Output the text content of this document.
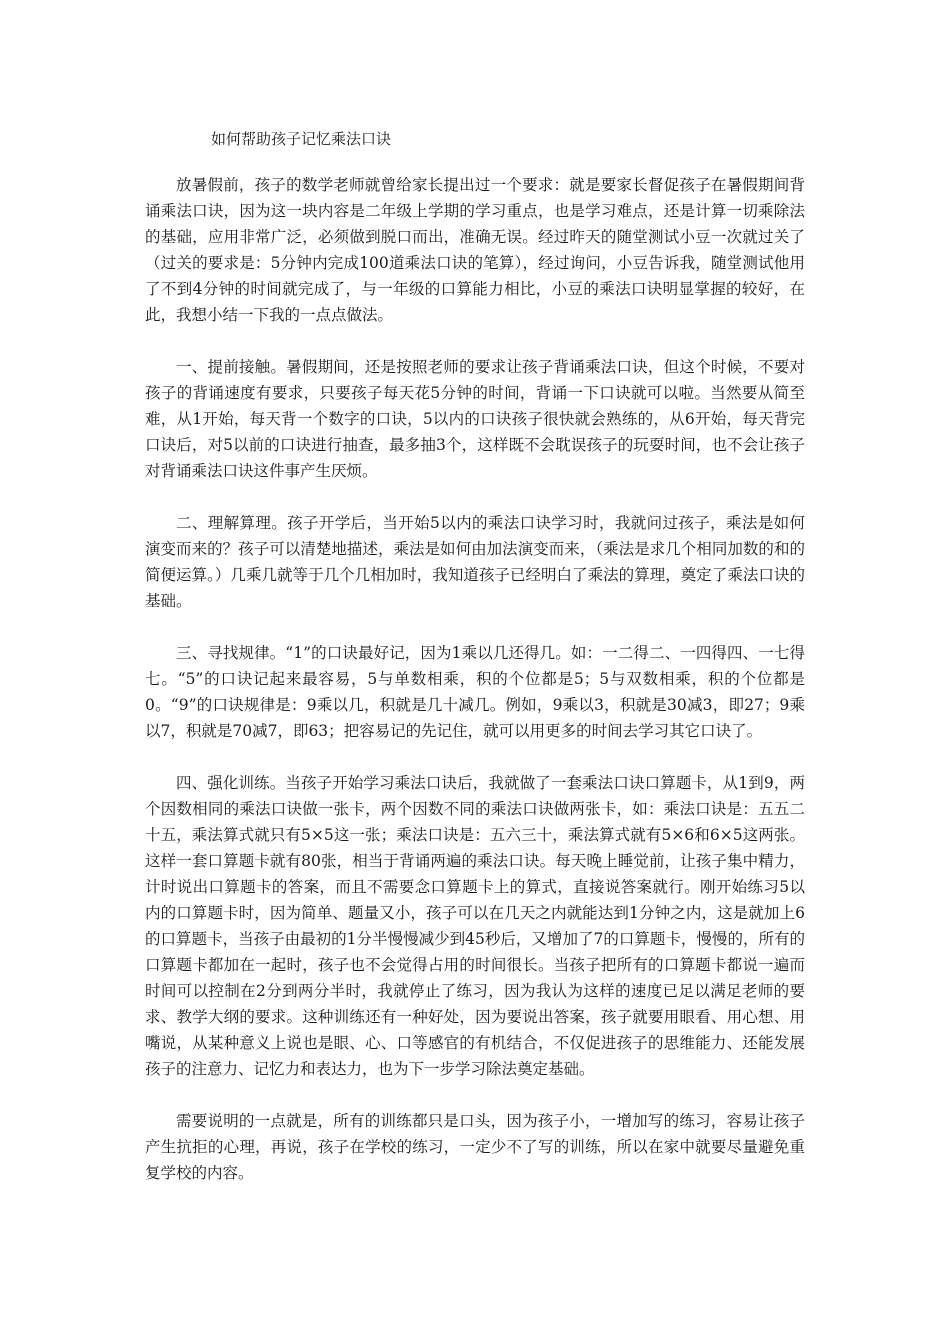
如何帮助孩子记忆乘法口诀

放暑假前，孩子的数学老师就曾给家长提出过一个要求：就是要家长督促孩子在暑假期间背诵乘法口诀，因为这一块内容是二年级上学期的学习重点，也是学习难点，还是计算一切乘除法的基础，应用非常广泛，必须做到脱口而出，准确无误。经过昨天的随堂测试小豆一次就过关了（过关的要求是：5分钟内完成100道乘法口诀的笔算），经过询问，小豆告诉我，随堂测试他用了不到4分钟的时间就完成了，与一年级的口算能力相比，小豆的乘法口诀明显掌握的较好，在此，我想小结一下我的一点点做法。

一、提前接触。暑假期间，还是按照老师的要求让孩子背诵乘法口诀，但这个时候，不要对孩子的背诵速度有要求，只要孩子每天花5分钟的时间，背诵一下口诀就可以啦。当然要从简至难，从1开始，每天背一个数字的口诀，5以内的口诀孩子很快就会熟练的，从6开始，每天背完口诀后，对5以前的口诀进行抽查，最多抽3个，这样既不会耽误孩子的玩耍时间，也不会让孩子对背诵乘法口诀这件事产生厌烦。

二、理解算理。孩子开学后，当开始5以内的乘法口诀学习时，我就问过孩子，乘法是如何演变而来的？孩子可以清楚地描述，乘法是如何由加法演变而来，（乘法是求几个相同加数的和的简便运算。）几乘几就等于几个几相加时，我知道孩子已经明白了乘法的算理，奠定了乘法口诀的基础。

三、寻找规律。“1”的口诀最好记，因为1乘以几还得几。如：一二得二、一四得四、一七得七。“5”的口诀记起来最容易，5与单数相乘，积的个位都是5；5与双数相乘，积的个位都是0。“9”的口诀规律是：9乘以几，积就是几十减几。例如，9乘以3，积就是30减3，即27；9乘以7，积就是70减7，即63；把容易记的先记住，就可以用更多的时间去学习其它口诀了。

四、强化训练。当孩子开始学习乘法口诀后，我就做了一套乘法口诀口算题卡，从1到9，两个因数相同的乘法口诀做一张卡，两个因数不同的乘法口诀做两张卡，如：乘法口诀是：五五二十五，乘法算式就只有5×5这一张；乘法口诀是：五六三十，乘法算式就有5×6和6×5这两张。这样一套口算题卡就有80张，相当于背诵两遍的乘法口诀。每天晚上睡觉前，让孩子集中精力，计时说出口算题卡的答案，而且不需要念口算题卡上的算式，直接说答案就行。刚开始练习5以内的口算题卡时，因为简单、题量又小，孩子可以在几天之内就能达到1分钟之内，这是就加上6的口算题卡，当孩子由最初的1分半慢慢减少到45秒后，又增加了7的口算题卡，慢慢的，所有的口算题卡都加在一起时，孩子也不会觉得占用的时间很长。当孩子把所有的口算题卡都说一遍而时间可以控制在2分到两分半时，我就停止了练习，因为我认为这样的速度已足以满足老师的要求、教学大纲的要求。这种训练还有一种好处，因为要说出答案，孩子就要用眼看、用心想、用嘴说，从某种意义上说也是眼、心、口等感官的有机结合，不仅促进孩子的思维能力、还能发展孩子的注意力、记忆力和表达力，也为下一步学习除法奠定基础。

需要说明的一点就是，所有的训练都只是口头，因为孩子小，一增加写的练习，容易让孩子产生抗拒的心理，再说，孩子在学校的练习，一定少不了写的训练，所以在家中就要尽量避免重复学校的内容。
